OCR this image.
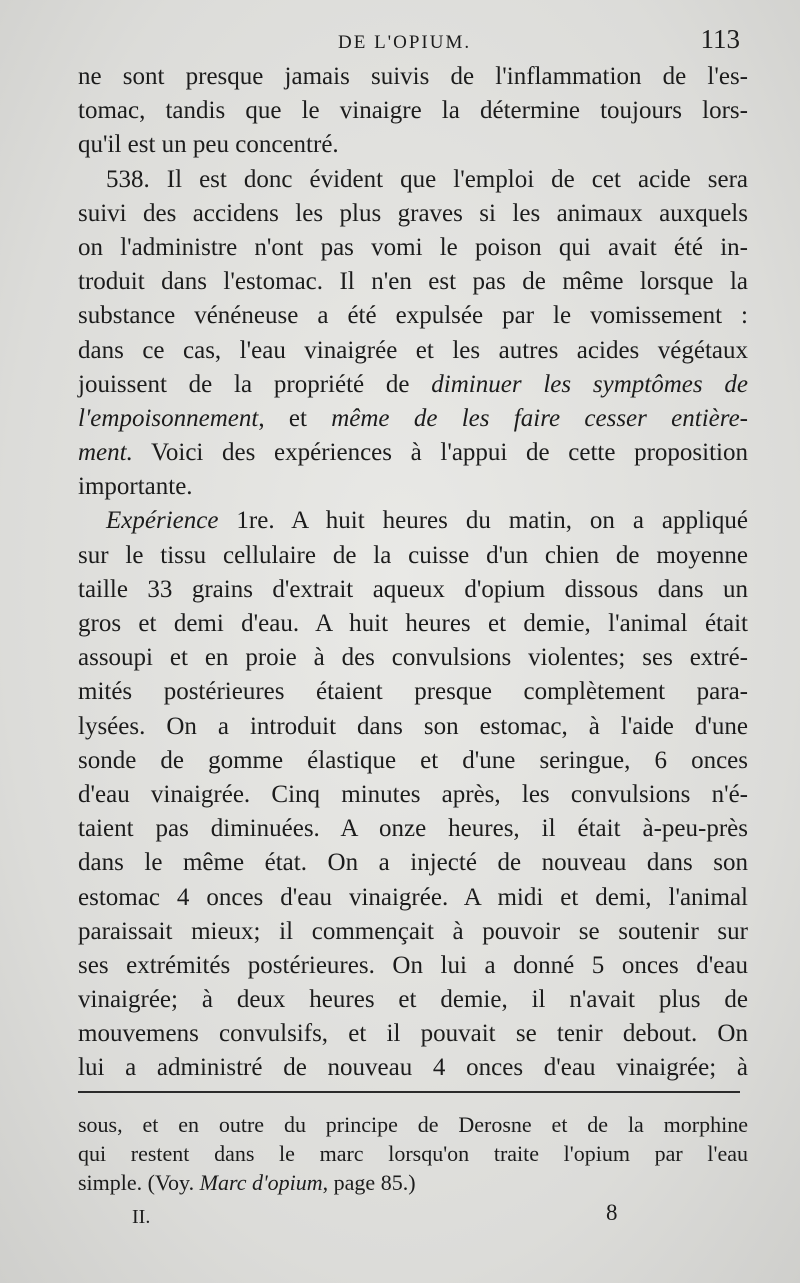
DE L'OPIUM.	113
ne sont presque jamais suivis de l'inflammation de l'es-
tomac, tandis que le vinaigre la détermine toujours lors-
qu'il est un peu concentré.
538. Il est donc évident que l'emploi de cet acide sera
suivi des accidens les plus graves si les animaux auxquels
on l'administre n'ont pas vomi le poison qui avait été in-
troduit dans l'estomac. Il n'en est pas de même lorsque la
substance vénéneuse a été expulsée par le vomissement :
dans ce cas, l'eau vinaigrée et les autres acides végétaux
jouissent de la propriété de diminuer les symptômes de
l'empoisonnement, et même de les faire cesser entière-
ment. Voici des expériences à l'appui de cette proposition
importante.
Expérience 1re. A huit heures du matin, on a appliqué
sur le tissu cellulaire de la cuisse d'un chien de moyenne
taille 33 grains d'extrait aqueux d'opium dissous dans un
gros et demi d'eau. A huit heures et demie, l'animal était
assoupi et en proie à des convulsions violentes; ses extré-
mités postérieures étaient presque complètement para-
lysées. On a introduit dans son estomac, à l'aide d'une
sonde de gomme élastique et d'une seringue, 6 onces
d'eau vinaigrée. Cinq minutes après, les convulsions n'é-
taient pas diminuées. A onze heures, il était à-peu-près
dans le même état. On a injecté de nouveau dans son
estomac 4 onces d'eau vinaigrée. A midi et demi, l'animal
paraissait mieux; il commençait à pouvoir se soutenir sur
ses extrémités postérieures. On lui a donné 5 onces d'eau
vinaigrée; à deux heures et demie, il n'avait plus de
mouvemens convulsifs, et il pouvait se tenir debout. On
lui a administré de nouveau 4 onces d'eau vinaigrée; à
sous, et en outre du principe de Derosne et de la morphine
qui restent dans le marc lorsqu'on traite l'opium par l'eau
simple. (Voy. Marc d'opium, page 85.)
II.	8
